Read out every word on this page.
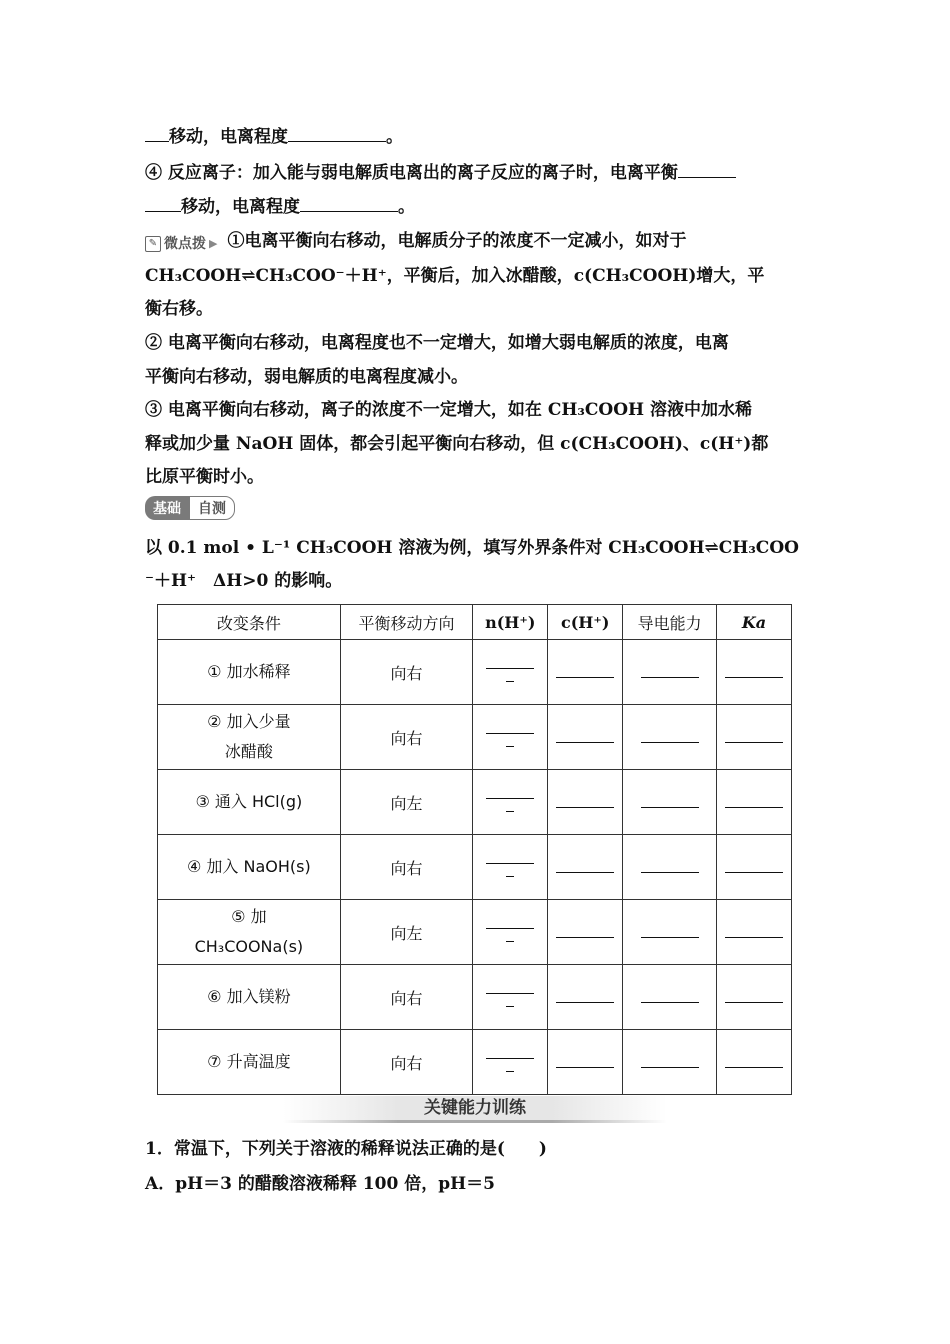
移动，电离程度	。
④ 反应离子：加入能与弱电解质电离出的离子反应的离子时，电离平衡
移动，电离程度	。
✎ 微点拨 ▶ ①电离平衡向右移动，电解质分子的浓度不一定减小，如对于
CH₃COOH⇌CH₃COO⁻＋H⁺，平衡后，加入冰醋酸，c(CH₃COOH)增大，平
衡右移。
② 电离平衡向右移动，电离程度也不一定增大，如增大弱电解质的浓度，电离
平衡向右移动，弱电解质的电离程度减小。
③ 电离平衡向右移动，离子的浓度不一定增大，如在 CH₃COOH 溶液中加水稀
释或加少量 NaOH 固体，都会引起平衡向右移动，但 c(CH₃COOH)、c(H⁺)都
比原平衡时小。
基础	自测
以 0.1 mol • L⁻¹ CH₃COOH 溶液为例，填写外界条件对 CH₃COOH⇌CH₃COO
⁻＋H⁺　ΔH>0 的影响。
改变条件	平衡移动方向	n(H⁺)	c(H⁺)	导电能力	Ka
① 加水稀释	向右	

② 加入少量
冰醋酸	向右	

③ 通入 HCl(g)	向左	

④ 加入 NaOH(s)	向右	

⑤ 加
CH₃COONa(s)	向左	

⑥ 加入镁粉	向右	

⑦ 升高温度	向右	

关键能力训练
1．常温下，下列关于溶液的稀释说法正确的是(　　)
A．pH＝3 的醋酸溶液稀释 100 倍，pH＝5
